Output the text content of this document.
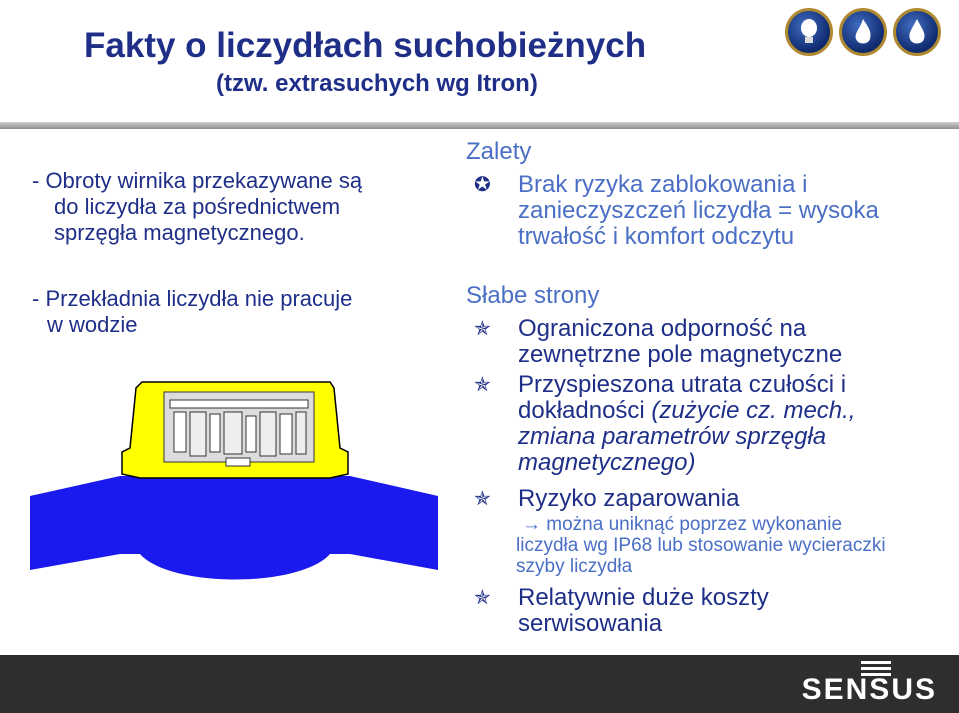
Fakty o liczydłach suchobieżnych
(tzw. extrasuchych wg Itron)
- Obroty wirnika przekazywane są

do liczydła za pośrednictwem
sprzęgła magnetycznego.
- Przekładnia liczydła nie pracuje

w wodzie
Zalety
✪ Brak ryzyka zablokowania i
zanieczyszczeń liczydła = wysoka
trwałość i komfort odczytu
Słabe strony
✯ Ograniczona odporność na
zewnętrzne pole magnetyczne
✯ Przyspieszona utrata czułości i
dokładności (zużycie cz. mech.,
zmiana parametrów sprzęgła
magnetycznego)
✯ Ryzyko zaparowania
→ można uniknąć poprzez wykonanie
liczydła wg IP68 lub stosowanie wycieraczki
szyby liczydła
✯ Relatywnie duże koszty
serwisowania
SENSUS
